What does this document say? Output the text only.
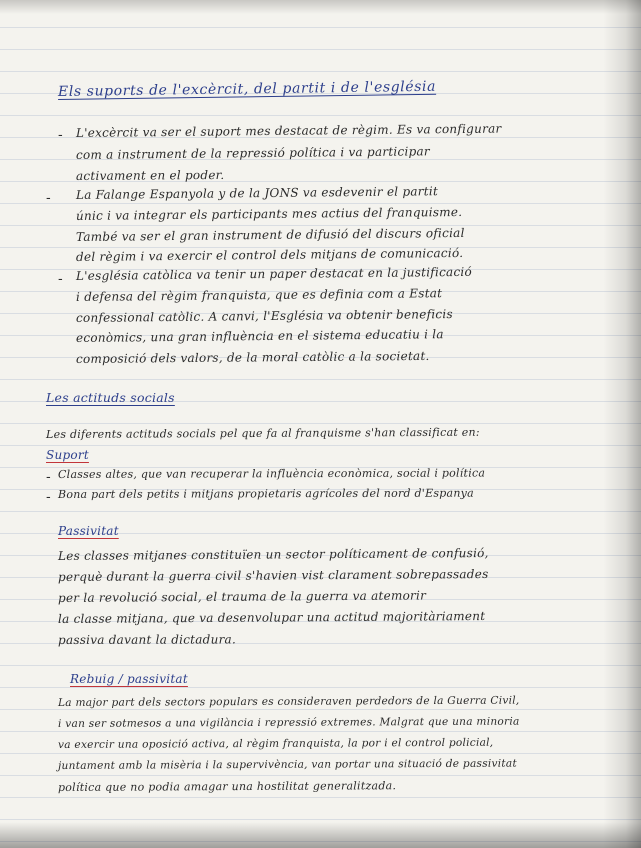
Els suports de l'excèrcit, del partit i de l'església

- L'excèrcit va ser el suport mes destacat de règim. Es va configurar

com a instrument de la repressió política i va participar

activament en el poder.

- La Falange Espanyola y de la JONS va esdevenir el partit

únic i va integrar els participants mes actius del franquisme.

També va ser el gran instrument de difusió del discurs oficial

del règim i va exercir el control dels mitjans de comunicació.

- L'església catòlica va tenir un paper destacat en la justificació

i defensa del règim franquista, que es definia com a Estat

confessional catòlic. A canvi, l'Església va obtenir beneficis

econòmics, una gran influència en el sistema educatiu i la

composició dels valors, de la moral catòlic a la societat.

Les actituds socials

Les diferents actituds socials pel que fa al franquisme s'han classificat en:

Suport

- Classes altes, que van recuperar la influència econòmica, social i política

- Bona part dels petits i mitjans propietaris agrícoles del nord d'Espanya

Passivitat

Les classes mitjanes constituïen un sector políticament de confusió,

perquè durant la guerra civil s'havien vist clarament sobrepassades

per la revolució social, el trauma de la guerra va atemorir

la classe mitjana, que va desenvolupar una actitud majoritàriament

passiva davant la dictadura.

Rebuig / passivitat

La major part dels sectors populars es consideraven perdedors de la Guerra Civil,

i van ser sotmesos a una vigilància i repressió extremes. Malgrat que una minoria

va exercir una oposició activa, al règim franquista, la por i el control policial,

juntament amb la misèria i la supervivència, van portar una situació de passivitat

política que no podia amagar una hostilitat generalitzada.
